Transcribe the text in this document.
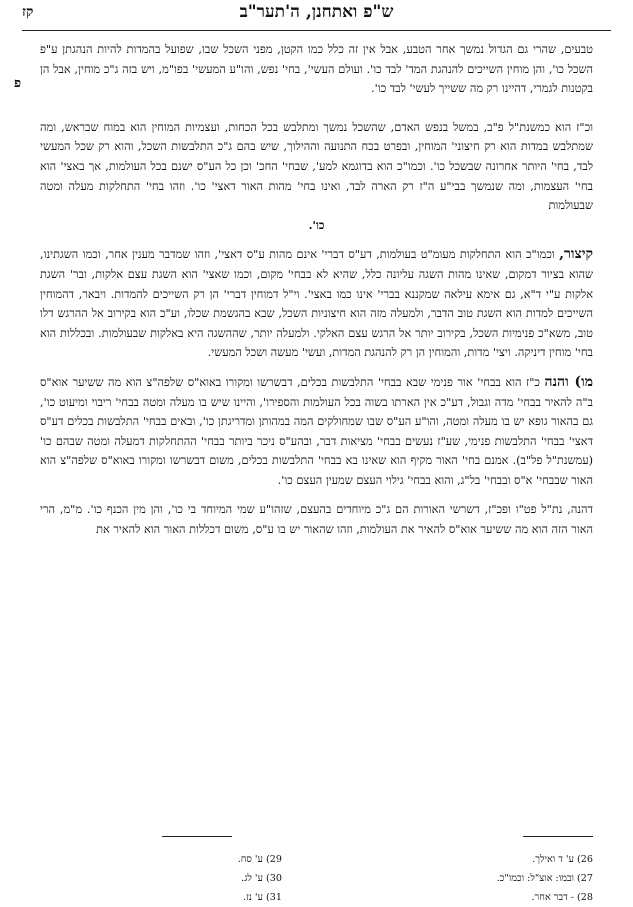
ש"פ ואתחנן, ה'תער"ב
קז
פ

טבעים, שהרי גם הגדול נמשך אחר הטבע, אבל אין זה כלל כמו הקטן, מפני השכל שבו, שפועל בהמדות להיות הנהגתן ע"פ השכל כו', והן מוחין השייכים להנהגת המד' לבד כו'. ועולם העשי', בחי' נפש, והו"ע המעשי' בפו"מ, ויש בזה ג"כ מוחין, אבל הן בקטנות לגמרי, דהיינו רק מה ששייך לעשי' לבד כו'.

וכ"ז הוא כמשנת"ל פ"ב, במשל בנפש האדם, שהשכל נמשך ומתלבש בכל הכחות, ועצמיות המוחין הוא במוח שבראש, ומה שמתלבש במדות הוא רק חיצוני' המוחין, ובפרט בכח התנועה וההילוך, שיש בהם ג"כ התלבשות השכל, והוא רק שכל המעשי לבד, בחי' היותר אחרונה שבשכל כו'. וכמו"כ הוא בדוגמא למע', שבחי' החכ' וכן כל הע"ס ישנם בכל העולמות, אך באצי' הוא בחי' העצמות, ומה שנמשך בבי"ע ה"ז רק הארה לבד, ואינו בחי' מהות האור דאצי' כו'. וזהו בחי' התחלקות מעלה ומטה שבעולמות

כו'.

קיצור, וכמו"כ הוא התחלקות מעומ"ט בעולמות, דע"ס דברי' אינם מהות ע"ס דאצי', וזהו שמדבר מענין אחר, וכמו השגתינו, שהוא בציור דמקום, שאינו מהות השגה עליונה כלל, שהיא לא בבחי' מקום, וכמו שאצי' הוא השגת עצם אלקות, ובר' השגת אלקות ע"י ד"א, גם אימא עילאה שמקננא בברי' אינו כמו באצי'. וי"ל דמוחין דברי' הן רק השייכים להמדות. ויבאר, דהמוחין השייכים למדות הוא השגת טוב הדבר, ולמעלה מזה הוא חיצוניות השכל, שבא בהגשמת שכלו, וע"כ הוא בקירוב אל ההרגש דלו טוב, משא"כ פנימיות השכל, בקירוב יותר אל הרגש עצם האלקי. ולמעלה יותר, שההשגה היא באלקות שבעולמות. ובכללות הוא בחי' מוחין דיניקה. ויצי' מדות, והמוחין הן רק להנהגת המדות, ועשי' מעשה ושכל המעשי.

מו) והנה כ"ז הוא בבחי' אור פנימי שבא בבחי' התלבשות בכלים, דבשרשו ומקורו באוא"ס שלפה"צ הוא מה ששיער אוא"ס ב"ה להאיר בבחי' מדה וגבול, דע"כ אין הארתו בשוה בכל העולמות והספירו', והיינו שיש בו מעלה ומטה בבחי' ריבוי ומיעוט כו', גם בהאור גופא יש בו מעלה ומטה, והו"ע הע"ס שבו שמחולקים המה במהותן ומדריגתן כו', ובאים בבחי' התלבשות בכלים דע"ס דאצי' בבחי' התלבשות פנימי, שע"ז נעשים בבחי' מציאות דבר, ובהע"ס ניכר ביותר בבחי' ההתחלקות דמעלה ומטה שבהם כו' (עמשנת"ל פל"ב). אמנם בחי' האור מקיף הוא שאינו בא בבחי' התלבשות בכלים, משום דבשרשו ומקורו באוא"ס שלפה"צ הוא האור שבבחי' א"ס ובבחי' בל"ג, והוא בבחי' גילוי העצם שמעין העצם כו'.

דהנה, נת"ל פט"ו ופכ"ז, דשרשי האורות הם ג"כ מיוחדים בהעצם, שזהו"ע שמי המיוחד בי כו', והן מין הכנף כו'. מ"מ, הרי האור הזה הוא מה ששיער אוא"ס להאיר את העולמות, וזהו שהאור יש בו ע"ס, משום דכללות האור הוא להאיר את

26) ע' ד ואילך.
27) ובמו: אוצ"ל: וכמו"כ.
28) - דבר אחר.
29) ע' סח.
30) ע' לג.
31) ע' נז.
